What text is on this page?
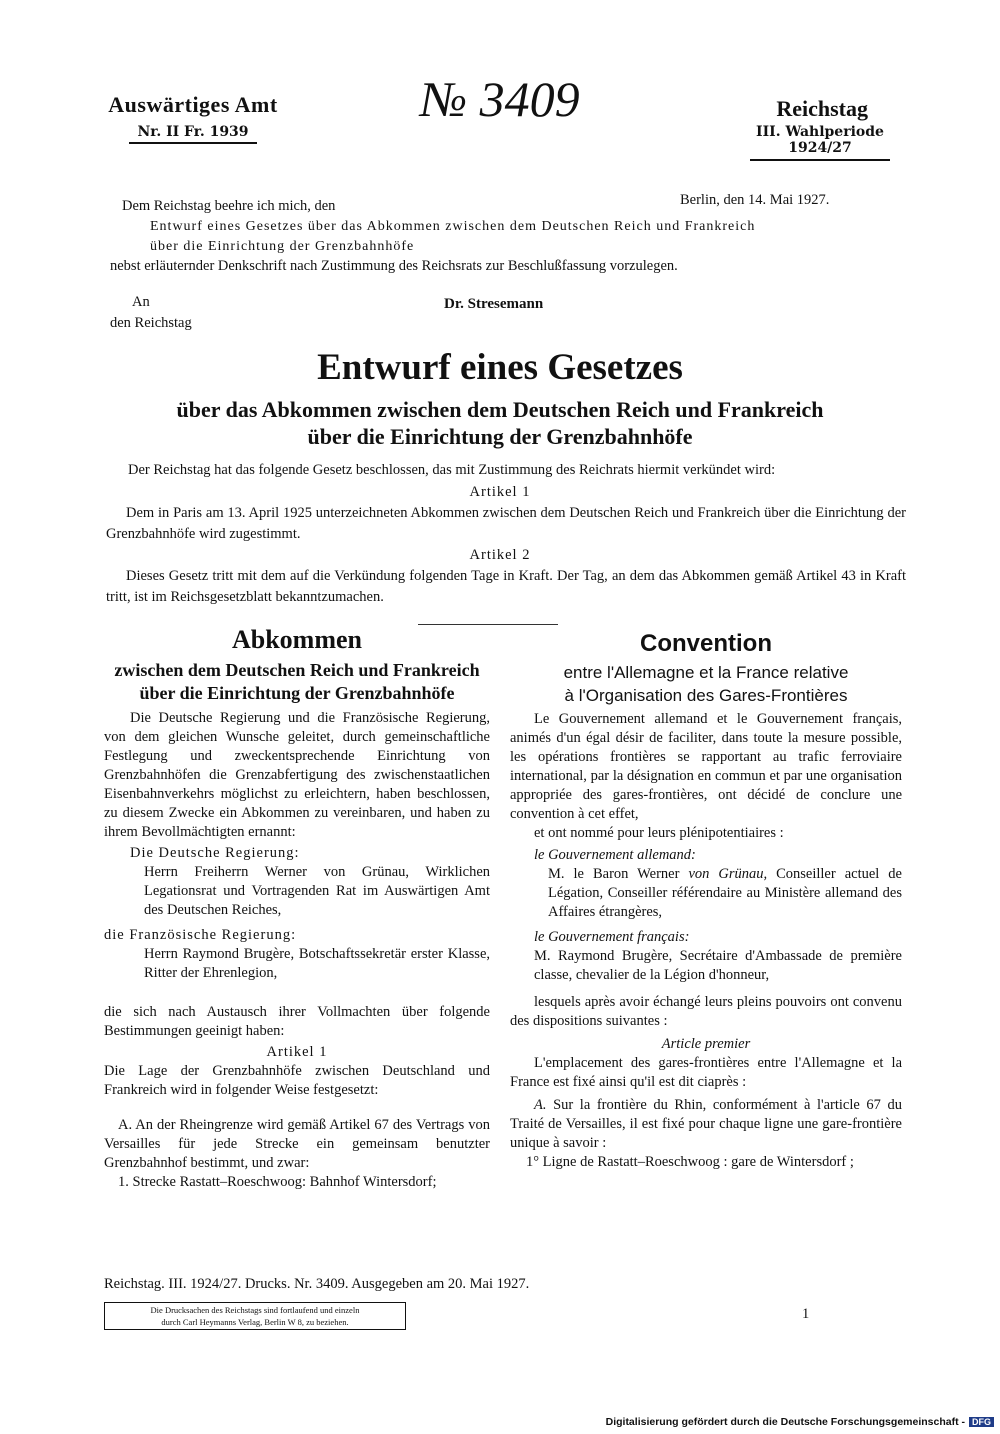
Auswärtiges Amt
Nr. II Fr. 1939
№ 3409	Reichstag
III. Wahlperiode
1924/27
Berlin, den 14. Mai 1927.
Dem Reichstag beehre ich mich, den
Entwurf eines Gesetzes über das Abkommen zwischen dem Deutschen Reich und Frankreich
über die Einrichtung der Grenzbahnhöfe
nebst erläuternder Denkschrift nach Zustimmung des Reichsrats zur Beschlußfassung vorzulegen.
An
den Reichstag
Dr. Stresemann
Entwurf eines Gesetzes
über das Abkommen zwischen dem Deutschen Reich und Frankreich
über die Einrichtung der Grenzbahnhöfe
Der Reichstag hat das folgende Gesetz beschlossen, das mit Zustimmung des Reichrats hiermit verkündet wird:
Artikel 1
Dem in Paris am 13. April 1925 unterzeichneten Abkommen zwischen dem Deutschen Reich und Frankreich über die Einrichtung der Grenzbahnhöfe wird zugestimmt.
Artikel 2
Dieses Gesetz tritt mit dem auf die Verkündung folgenden Tage in Kraft. Der Tag, an dem das Abkommen gemäß Artikel 43 in Kraft tritt, ist im Reichsgesetzblatt bekanntzumachen.
Abkommen
zwischen dem Deutschen Reich und Frankreich
über die Einrichtung der Grenzbahnhöfe
Die Deutsche Regierung und die Französische Regierung, von dem gleichen Wunsche geleitet, durch gemeinschaftliche Festlegung und zweckentsprechende Einrichtung von Grenzbahnhöfen die Grenzabfertigung des zwischenstaatlichen Eisenbahnverkehrs möglichst zu erleichtern, haben beschlossen, zu diesem Zwecke ein Abkommen zu vereinbaren, und haben zu ihrem Bevollmächtigten ernannt:
Die Deutsche Regierung:
Herrn Freiherrn Werner von Grünau, Wirklichen Legationsrat und Vortragenden Rat im Auswärtigen Amt des Deutschen Reiches,
die Französische Regierung:
Herrn Raymond Brugère, Botschaftssekretär erster Klasse, Ritter der Ehrenlegion,
die sich nach Austausch ihrer Vollmachten über folgende Bestimmungen geeinigt haben:
Artikel 1
Die Lage der Grenzbahnhöfe zwischen Deutschland und Frankreich wird in folgender Weise festgesetzt:
A. An der Rheingrenze wird gemäß Artikel 67 des Vertrags von Versailles für jede Strecke ein gemeinsam benutzter Grenzbahnhof bestimmt, und zwar:
1. Strecke Rastatt–Roeschwoog: Bahnhof Wintersdorf;
Convention
entre l'Allemagne et la France relative
à l'Organisation des Gares-Frontières
Le Gouvernement allemand et le Gouvernement français, animés d'un égal désir de faciliter, dans toute la mesure possible, les opérations frontières se rapportant au trafic ferroviaire international, par la désignation en commun et par une organisation appropriée des gares-frontières, ont décidé de conclure une convention à cet effet,
et ont nommé pour leurs plénipotentiaires :
le Gouvernement allemand:
M. le Baron Werner von Grünau, Conseiller actuel de Légation, Conseiller référendaire au Ministère allemand des Affaires étrangères,
le Gouvernement français:
M. Raymond Brugère, Secrétaire d'Ambassade de première classe, chevalier de la Légion d'honneur,
lesquels après avoir échangé leurs pleins pouvoirs ont convenu des dispositions suivantes :
Article premier
L'emplacement des gares-frontières entre l'Allemagne et la France est fixé ainsi qu'il est dit ciaprès :
A. Sur la frontière du Rhin, conformément à l'article 67 du Traité de Versailles, il est fixé pour chaque ligne une gare-frontière unique à savoir :
1° Ligne de Rastatt–Roeschwoog : gare de Wintersdorf ;
Reichstag. III. 1924/27. Drucks. Nr. 3409. Ausgegeben am 20. Mai 1927.
1
Die Drucksachen des Reichstags sind fortlaufend und einzeln
durch Carl Heymanns Verlag, Berlin W 8, zu beziehen.
Digitalisierung gefördert durch die Deutsche Forschungsgemeinschaft - DFG
